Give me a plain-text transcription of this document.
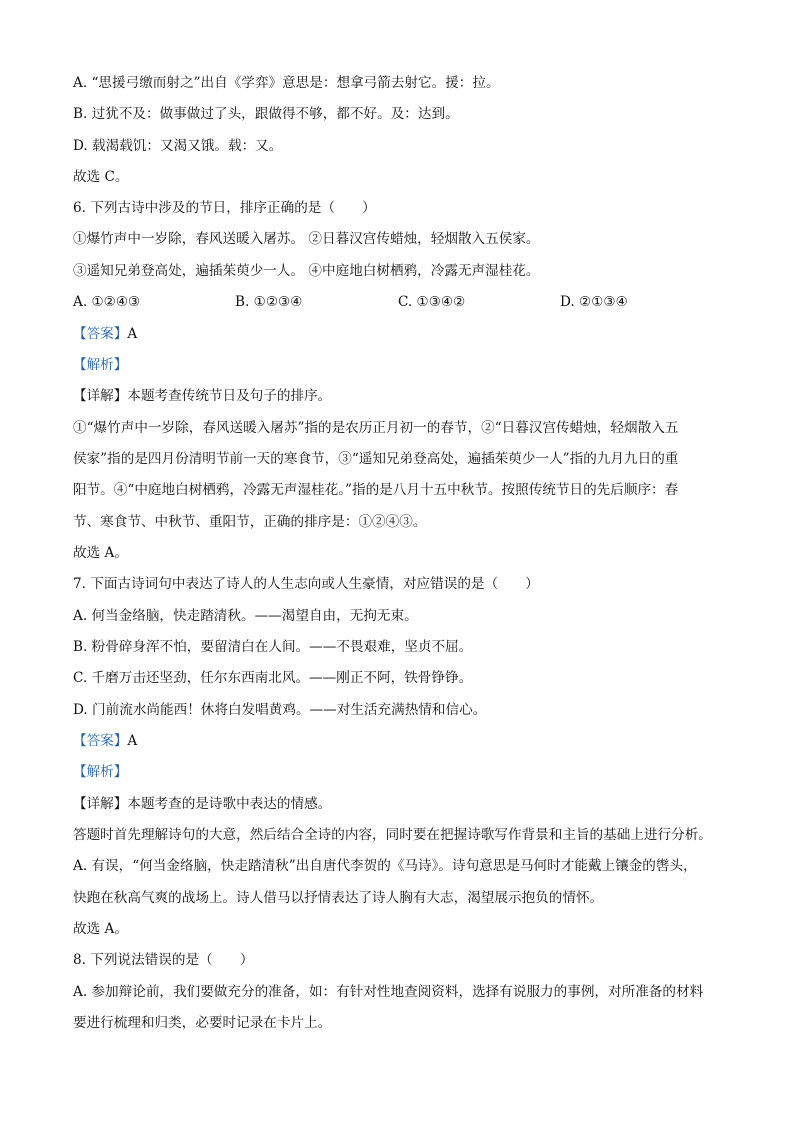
A. “思援弓缴而射之”出自《学弈》意思是：想拿弓箭去射它。援：拉。
B. 过犹不及：做事做过了头，跟做得不够，都不好。及：达到。
D. 载渴载饥：又渴又饿。载：又。
故选 C。
6. 下列古诗中涉及的节日，排序正确的是（　　）
①爆竹声中一岁除，春风送暖入屠苏。 ②日暮汉宫传蜡烛，轻烟散入五侯家。
③遥知兄弟登高处，遍插茱萸少一人。 ④中庭地白树栖鸦，冷露无声湿桂花。
A. ①②④③	B. ①②③④	C. ①③④②	D. ②①③④
【答案】A
【解析】
【详解】本题考查传统节日及句子的排序。
①“爆竹声中一岁除，春风送暖入屠苏”指的是农历正月初一的春节，②“日暮汉宫传蜡烛，轻烟散入五
侯家”指的是四月份清明节前一天的寒食节，③“遥知兄弟登高处，遍插茱萸少一人”指的九月九日的重
阳节。④“中庭地白树栖鸦，冷露无声湿桂花。”指的是八月十五中秋节。按照传统节日的先后顺序：春
节、寒食节、中秋节、重阳节，正确的排序是：①②④③。
故选 A。
7. 下面古诗词句中表达了诗人的人生志向或人生豪情，对应错误的是（　　）
A. 何当金络脑，快走踏清秋。——渴望自由，无拘无束。
B. 粉骨碎身浑不怕，要留清白在人间。——不畏艰难，坚贞不屈。
C. 千磨万击还坚劲，任尔东西南北风。——刚正不阿，铁骨铮铮。
D. 门前流水尚能西！休将白发唱黄鸡。——对生活充满热情和信心。
【答案】A
【解析】
【详解】本题考查的是诗歌中表达的情感。
答题时首先理解诗句的大意，然后结合全诗的内容，同时要在把握诗歌写作背景和主旨的基础上进行分析。
A. 有误，“何当金络脑，快走踏清秋”出自唐代李贺的《马诗》。诗句意思是马何时才能戴上镶金的辔头，
快跑在秋高气爽的战场上。诗人借马以抒情表达了诗人胸有大志，渴望展示抱负的情怀。
故选 A。
8. 下列说法错误的是（　　）
A. 参加辩论前，我们要做充分的准备，如：有针对性地查阅资料，选择有说服力的事例，对所准备的材料
要进行梳理和归类，必要时记录在卡片上。
